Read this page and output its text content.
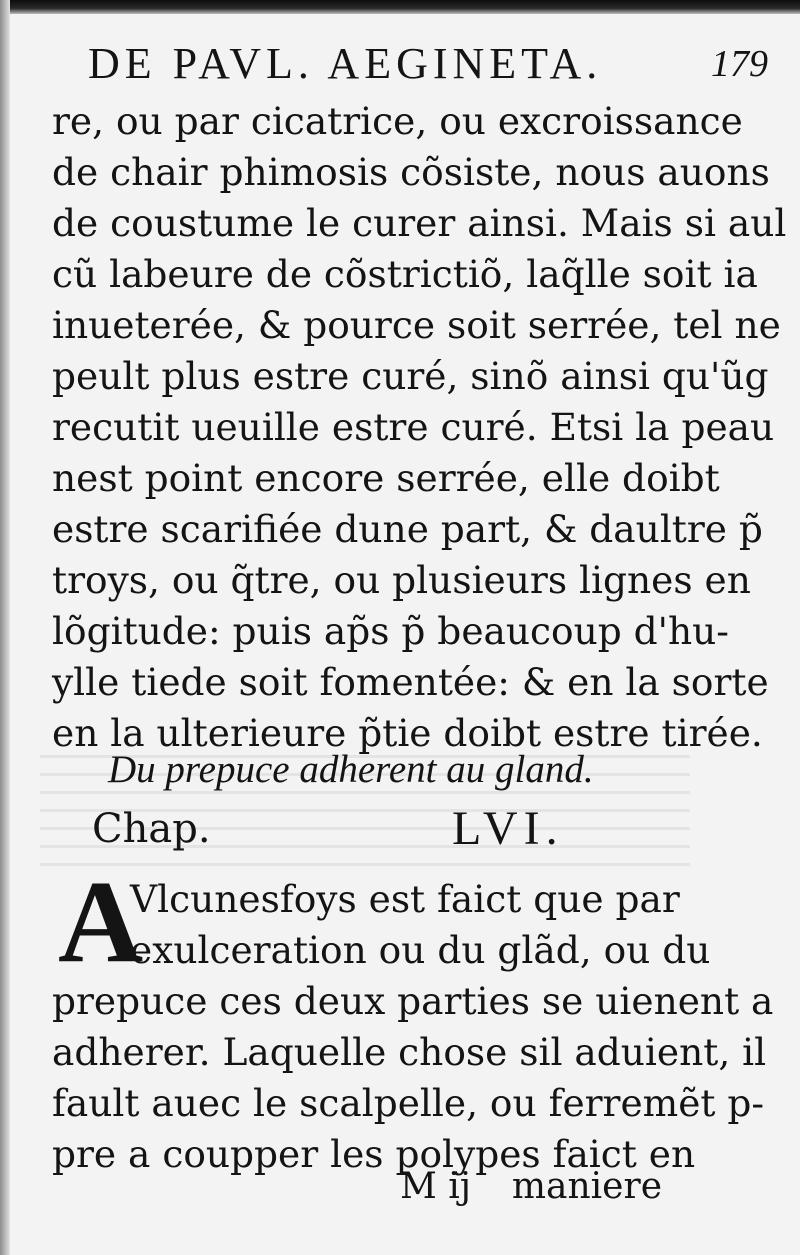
DE PAVL. AEGINETA.	179
re, ou par cicatrice, ou excroissance
de chair phimosis cõsiste, nous auons
de coustume le curer ainsi. Mais si aul
cũ labeure de cõstrictiõ, laq̃lle soit ia
inueterée, & pource soit serrée, tel ne
peult plus estre curé, sinõ ainsi qu'ũg
recutit ueuille estre curé. Etsi la peau
nest point encore serrée, elle doibt
estre scarifiée dune part, & daultre p̃
troys, ou q̃tre, ou plusieurs lignes en
lõgitude: puis ap̃s p̃ beaucoup d'hu-
ylle tiede soit fomentée: & en la sorte
en la ulterieure p̃tie doibt estre tirée.
Du prepuce adherent au gland.
Chap.	LVI.
A
Vlcunesfoys est faict que par
exulceration ou du glãd, ou du
prepuce ces deux parties se uienent a
adherer. Laquelle chose sil aduient, il
fault auec le scalpelle, ou ferremẽt p-
pre a coupper les polypes faict en
M ij maniere
